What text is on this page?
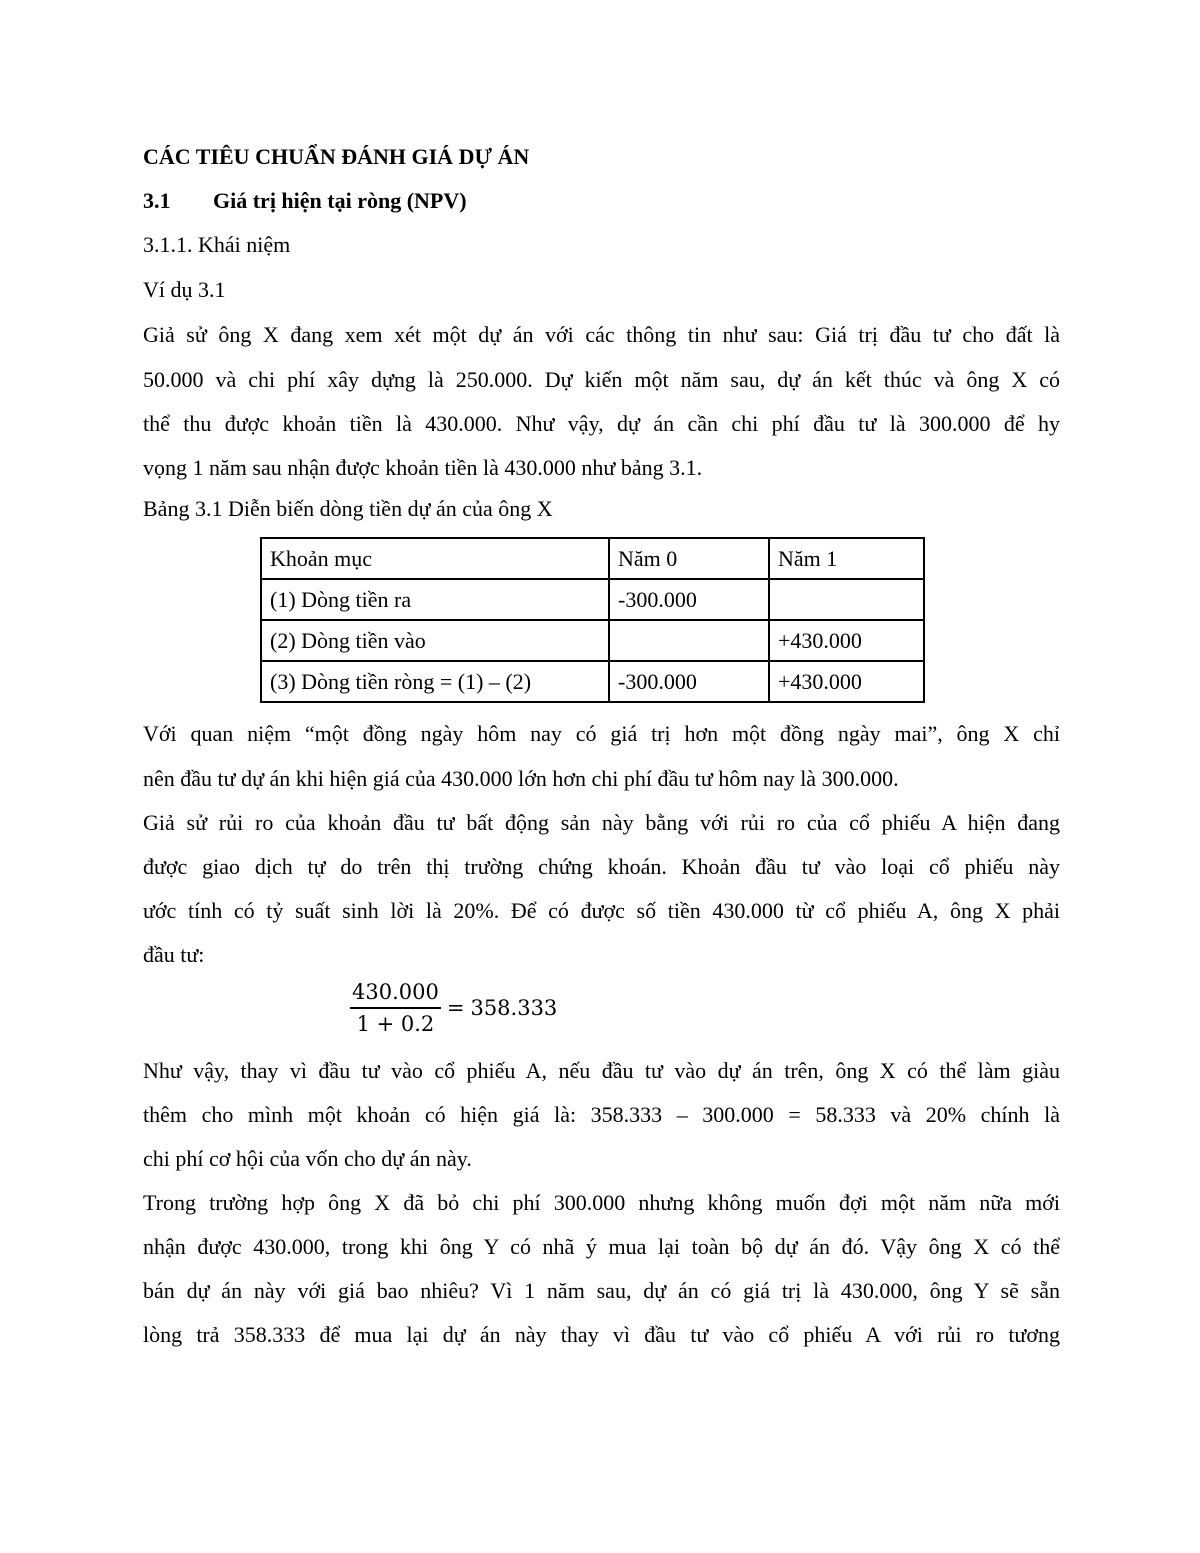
CÁC TIÊU CHUẨN ĐÁNH GIÁ DỰ ÁN
3.1 Giá trị hiện tại ròng (NPV)
3.1.1. Khái niệm
Ví dụ 3.1
Giả sử ông X đang xem xét một dự án với các thông tin như sau: Giá trị đầu tư cho đất là
50.000 và chi phí xây dựng là 250.000. Dự kiến một năm sau, dự án kết thúc và ông X có
thể thu được khoản tiền là 430.000. Như vậy, dự án cần chi phí đầu tư là 300.000 để hy
vọng 1 năm sau nhận được khoản tiền là 430.000 như bảng 3.1.
Bảng 3.1 Diễn biến dòng tiền dự án của ông X
Khoản mục	Năm 0	Năm 1
(1) Dòng tiền ra	-300.000	
(2) Dòng tiền vào		+430.000
(3) Dòng tiền ròng = (1) – (2)	-300.000	+430.000
Với quan niệm “một đồng ngày hôm nay có giá trị hơn một đồng ngày mai”, ông X chỉ
nên đầu tư dự án khi hiện giá của 430.000 lớn hơn chi phí đầu tư hôm nay là 300.000.
Giả sử rủi ro của khoản đầu tư bất động sản này bằng với rủi ro của cổ phiếu A hiện đang
được giao dịch tự do trên thị trường chứng khoán. Khoản đầu tư vào loại cổ phiếu này
ước tính có tỷ suất sinh lời là 20%. Để có được số tiền 430.000 từ cổ phiếu A, ông X phải
đầu tư:
$\frac{430.000}{1 + 0.2} = 358.333$
Như vậy, thay vì đầu tư vào cổ phiếu A, nếu đầu tư vào dự án trên, ông X có thể làm giàu
thêm cho mình một khoản có hiện giá là: 358.333 – 300.000 = 58.333 và 20% chính là
chi phí cơ hội của vốn cho dự án này.
Trong trường hợp ông X đã bỏ chi phí 300.000 nhưng không muốn đợi một năm nữa mới
nhận được 430.000, trong khi ông Y có nhã ý mua lại toàn bộ dự án đó. Vậy ông X có thể
bán dự án này với giá bao nhiêu? Vì 1 năm sau, dự án có giá trị là 430.000, ông Y sẽ sẵn
lòng trả 358.333 để mua lại dự án này thay vì đầu tư vào cổ phiếu A với rủi ro tương
